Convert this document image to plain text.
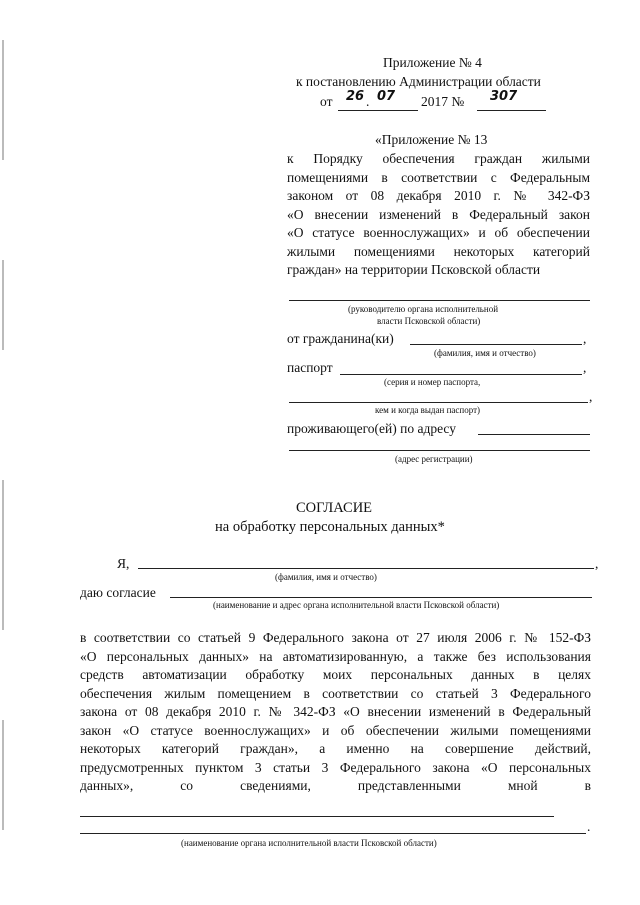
Приложение № 4
к постановлению Администрации области
от 26 . 07 2017 № 307
«Приложение № 13
к Порядку обеспечения граждан жилыми
помещениями в соответствии с Федеральным
законом от 08 декабря 2010 г. № 342-ФЗ
«О внесении изменений в Федеральный закон
«О статусе военнослужащих» и об обеспечении
жилыми помещениями некоторых категорий
граждан» на территории Псковской области
(руководителю органа исполнительной
власти Псковской области)
от гражданина(ки)	,
(фамилия, имя и отчество)
паспорт	,
(серия и номер паспорта,
,
кем и когда выдан паспорт)
проживающего(ей) по адресу
(адрес регистрации)
СОГЛАСИЕ
на обработку персональных данных*
Я,	,
(фамилия, имя и отчество)
даю согласие
(наименование и адрес органа исполнительной власти Псковской области)
в соответствии со статьей 9 Федерального закона от 27 июля 2006 г. № 152-ФЗ
«О персональных данных» на автоматизированную, а также без использования
средств автоматизации обработку моих персональных данных в целях
обеспечения жилым помещением в соответствии со статьей 3 Федерального
закона от 08 декабря 2010 г. № 342-ФЗ «О внесении изменений в Федеральный
закон «О статусе военнослужащих» и об обеспечении жилыми помещениями
некоторых категорий граждан», а именно на совершение действий,
предусмотренных пунктом 3 статьи 3 Федерального закона «О персональных
данных», со сведениями, представленными мной в
.
(наименование органа исполнительной власти Псковской области)
